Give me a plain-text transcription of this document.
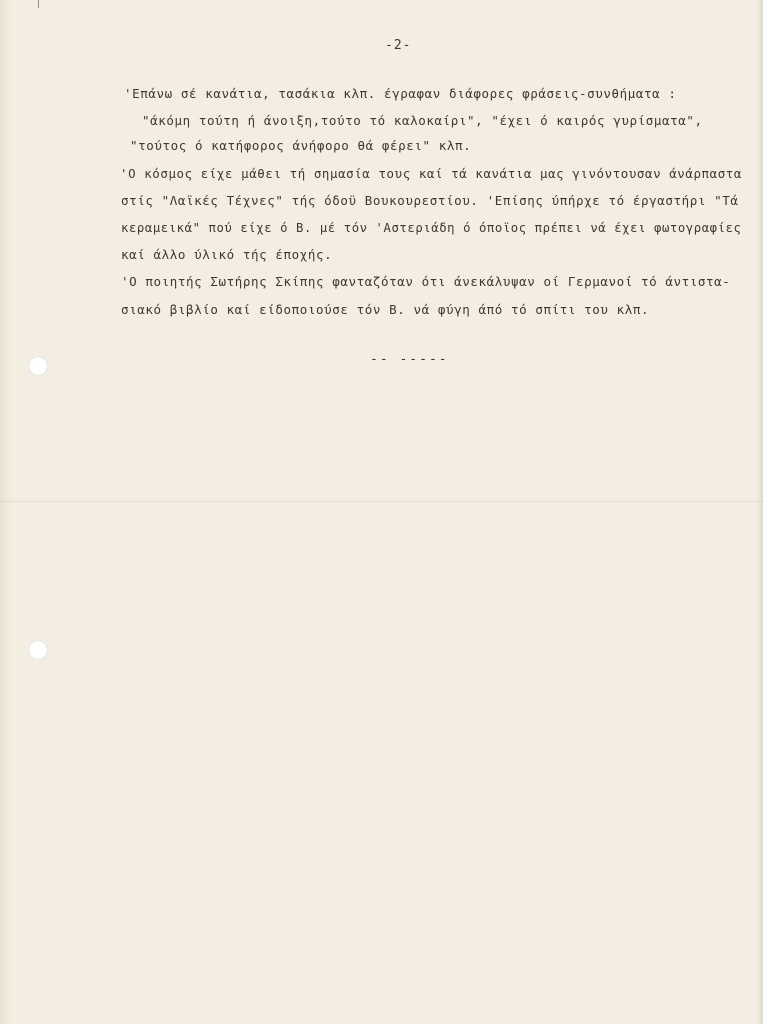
-2-
'Επάνω σέ κανάτια, τασάκια κλπ. έγραφαν διάφορες φράσεις-συνθήματα :
"άκόμη τούτη ή άνοιξη,τούτο τό καλοκαίρι", "έχει ό καιρός γυρίσματα",
"τούτος ό κατήφορος άνήφορο θά φέρει" κλπ.
'Ο κόσμος είχε μάθει τή σημασία τους καί τά κανάτια μας γινόντουσαν άνάρπαστα
στίς "Λαϊκές Τέχνες" τής όδοϋ Βουκουρεστίου. 'Επίσης ύπήρχε τό έργαστήρι "Τά
κεραμεικά" πού είχε ό Β. μέ τόν 'Αστεριάδη ό όποϊος πρέπει νά έχει φωτογραφίες
καί άλλο ύλικό τής έποχής.
'Ο ποιητής Σωτήρης Σκίπης φανταζόταν ότι άνεκάλυψαν οί Γερμανοί τό άντιστα-
σιακό βιβλίο καί είδοποιούσε τόν Β. νά φύγη άπό τό σπίτι του κλπ.
-- -----
